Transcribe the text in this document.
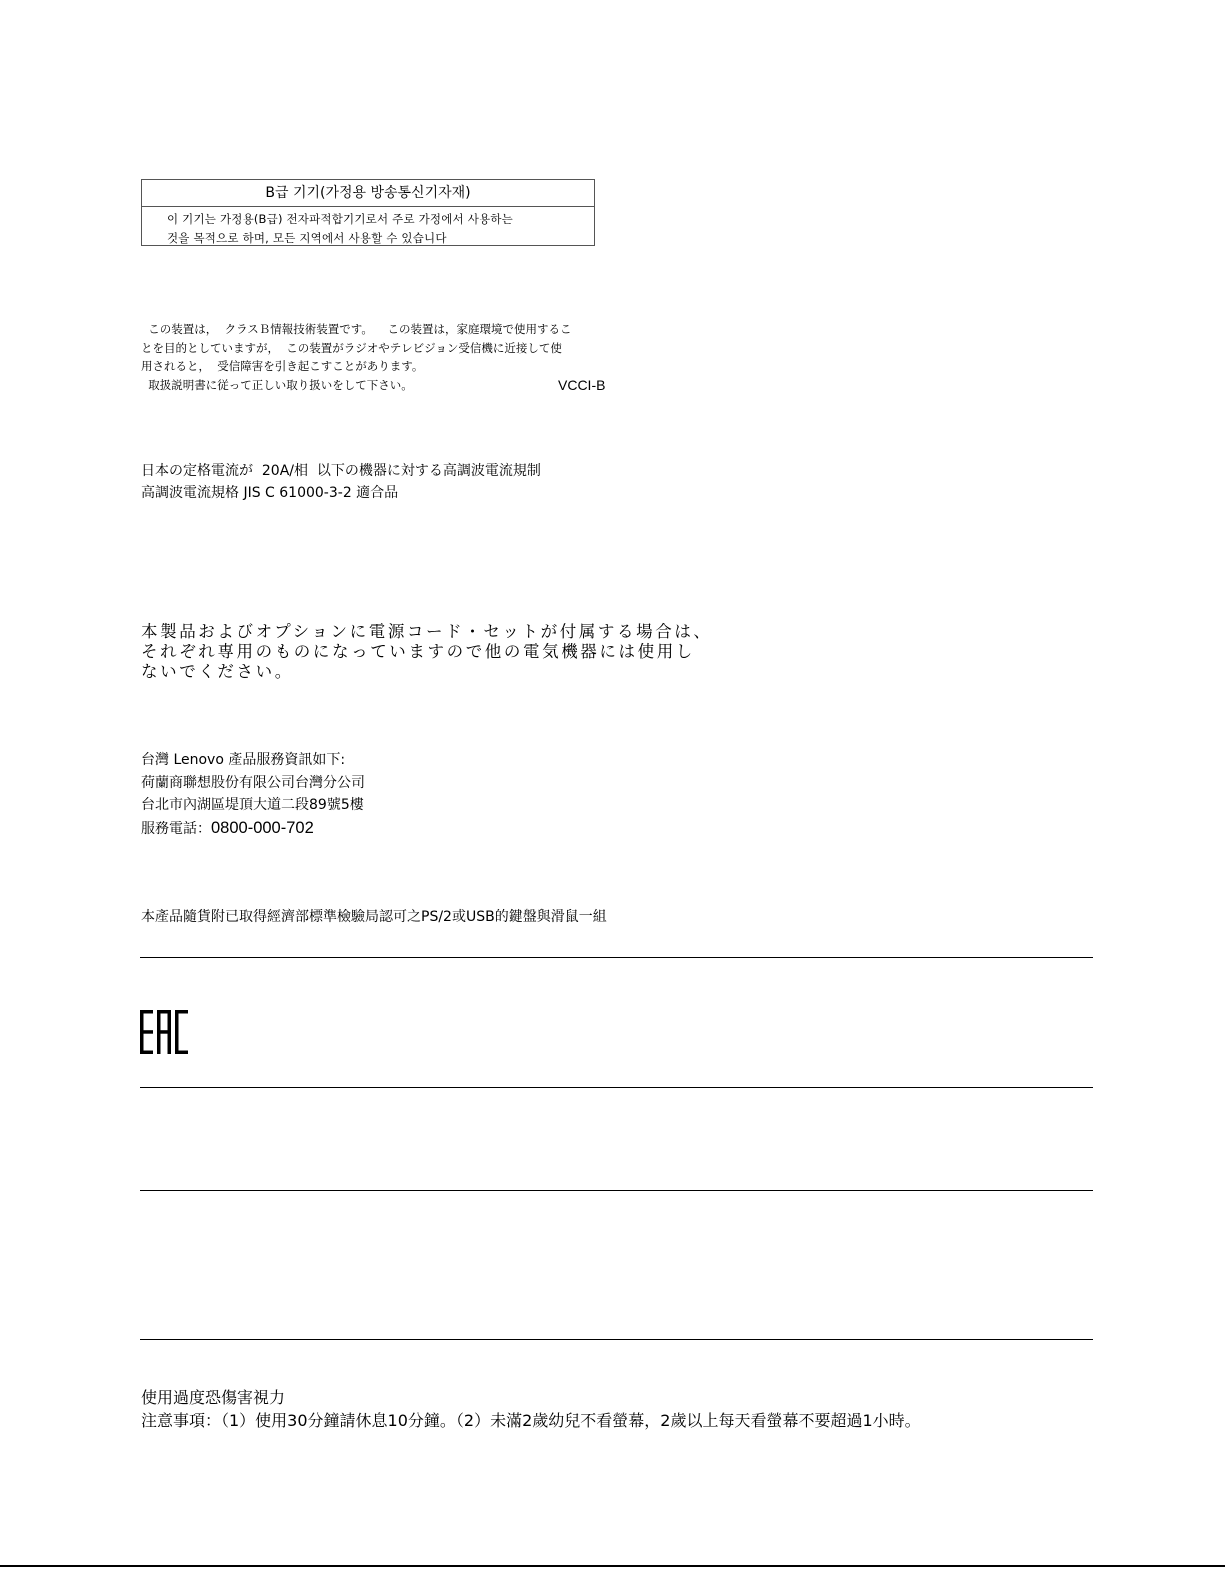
B급 기기(가정용 방송통신기자재)
이 기기는 가정용(B급) 전자파적합기기로서 주로 가정에서 사용하는
것을 목적으로 하며, 모든 지역에서 사용할 수 있습니다
この装置は，  クラスＢ情報技術装置です。    この装置は，家庭環境で使用するこ
とを目的としていますが，  この装置がラジオやテレビジョン受信機に近接して使
用されると，  受信障害を引き起こすことがあります。
取扱説明書に従って正しい取り扱いをして下さい。	VCCI-B
日本の定格電流が  20A/相  以下の機器に対する高調波電流規制
高調波電流規格 JIS C 61000-3-2 適合品
本製品およびオプションに電源コード・セットが付属する場合は、
それぞれ専用のものになっていますので他の電気機器には使用し
ないでください。
台灣 Lenovo 產品服務資訊如下:
荷蘭商聯想股份有限公司台灣分公司
台北市內湖區堤頂大道二段89號5樓
服務電話：0800-000-702
本產品隨貨附已取得經濟部標準檢驗局認可之PS/2或USB的鍵盤與滑鼠一組
使用過度恐傷害視力
注意事項：（1）使用30分鐘請休息10分鐘。（2）未滿2歲幼兒不看螢幕，2歲以上每天看螢幕不要超過1小時。
